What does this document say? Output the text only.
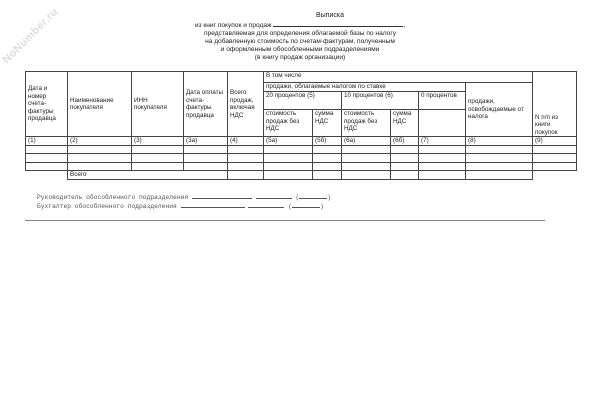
NoNumber.ru	Выписка
из книг покупок и продаж	,
представляемая для определения облагаемой базы по налогу
на добавленную стоимость по счетам-фактурам, полученным
и оформленным обособленными подразделениями
(в книгу продаж организации)
Дата и номер счета-фактуры продавца	Наименование покупателя	ИНН покупателя	Дата оплаты счета-фактуры продавца	Всего продаж, включая НДС	В том числе						N п/п из книги покупок
					продажи, облагаемые налогом по ставке					продажи, освобождаемые от налога	
					20 процентов (5)		10 процентов (6)		0 процентов		
					стоимость продаж без НДС	сумма НДС	стоимость продаж без НДС	сумма НДС			
(1)	(2)	(3)	(3а)	(4)	(5а)	(5б)	(6а)	(6б)	(7)	(8)	(9)

	Всего										
Руководитель обособленного подразделения	(	)
Бухгалтер обособленного подразделения	(	)
